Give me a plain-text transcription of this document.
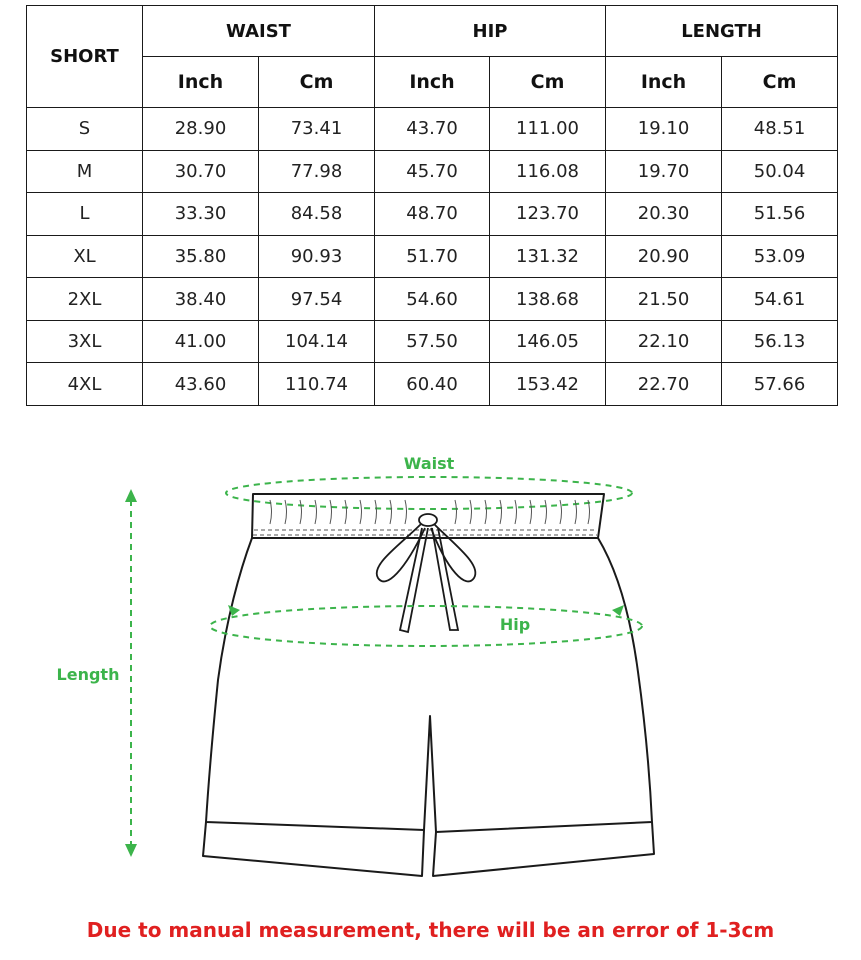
SHORT	WAIST		HIP		LENGTH	
	Inch	Cm	Inch	Cm	Inch	Cm
S	28.90	73.41	43.70	111.00	19.10	48.51
M	30.70	77.98	45.70	116.08	19.70	50.04
L	33.30	84.58	48.70	123.70	20.30	51.56
XL	35.80	90.93	51.70	131.32	20.90	53.09
2XL	38.40	97.54	54.60	138.68	21.50	54.61
3XL	41.00	104.14	57.50	146.05	22.10	56.13
4XL	43.60	110.74	60.40	153.42	22.70	57.66
Waist
Hip
Length
Due to manual measurement, there will be an error of 1-3cm
